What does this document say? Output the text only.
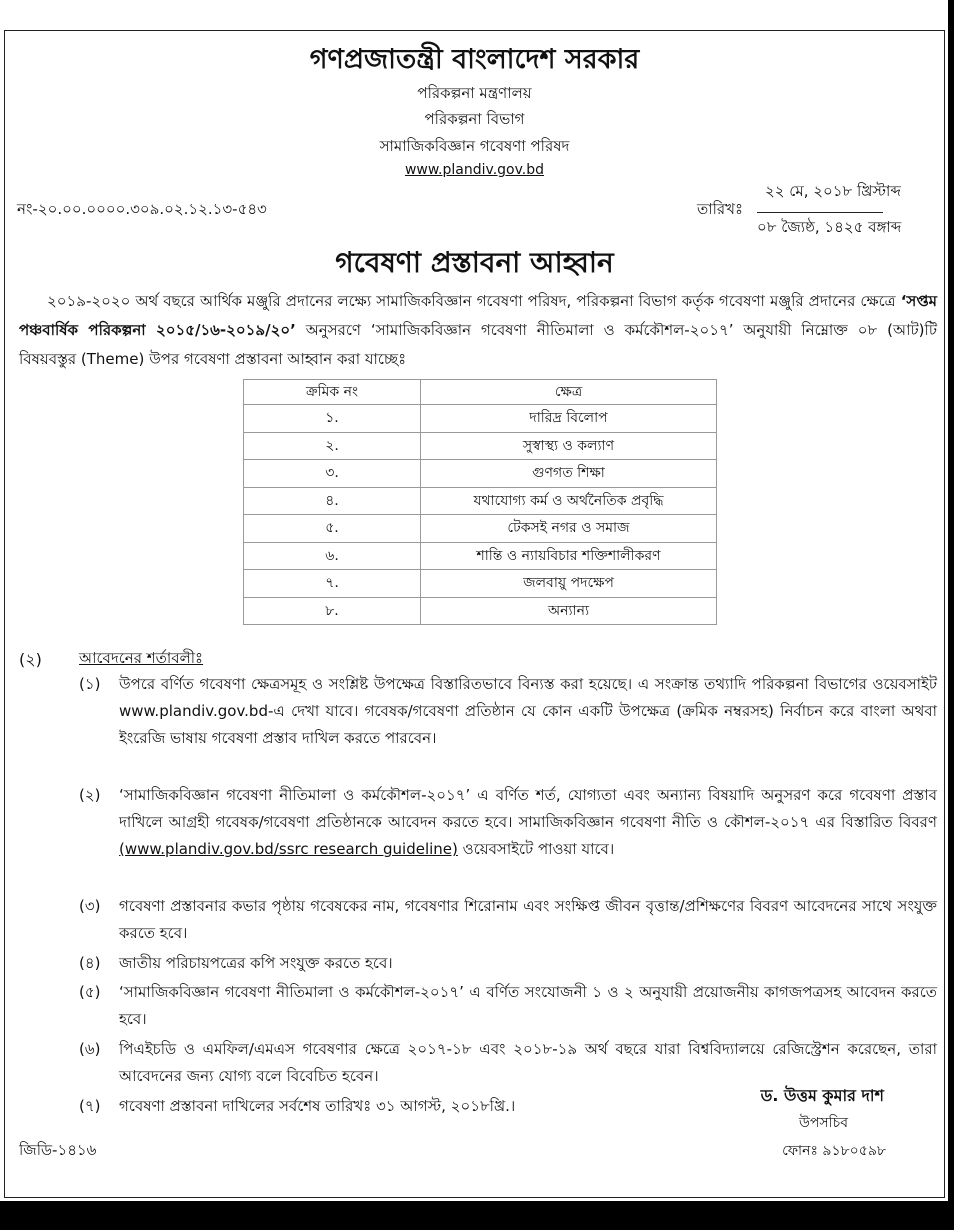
গণপ্রজাতন্ত্রী বাংলাদেশ সরকার
পরিকল্পনা মন্ত্রণালয়
পরিকল্পনা বিভাগ
সামাজিকবিজ্ঞান গবেষণা পরিষদ
www.plandiv.gov.bd
নং-২০.০০.০০০০.৩০৯.০২.১২.১৩-৫৪৩	তারিখঃ
২২ মে, ২০১৮ খ্রিস্টাব্দ
০৮ জ্যৈষ্ঠ, ১৪২৫ বঙ্গাব্দ
গবেষণা প্রস্তাবনা আহ্বান
২০১৯-২০২০ অর্থ বছরে আর্থিক মঞ্জুরি প্রদানের লক্ষ্যে সামাজিকবিজ্ঞান গবেষণা পরিষদ, পরিকল্পনা বিভাগ কর্তৃক গবেষণা মঞ্জুরি প্রদানের ক্ষেত্রে ‘সপ্তম পঞ্চবার্ষিক পরিকল্পনা ২০১৫/১৬-২০১৯/২০’ অনুসরণে ‘সামাজিকবিজ্ঞান গবেষণা নীতিমালা ও কর্মকৌশল-২০১৭’ অনুযায়ী নিম্নোক্ত ০৮ (আট)টি বিষয়বস্তুর (Theme) উপর গবেষণা প্রস্তাবনা আহ্বান করা যাচ্ছেঃ
ক্রমিক নং	ক্ষেত্র
১.	দারিদ্র বিলোপ
২.	সুস্বাস্থ্য ও কল্যাণ
৩.	গুণগত শিক্ষা
৪.	যথাযোগ্য কর্ম ও অর্থনৈতিক প্রবৃদ্ধি
৫.	টেকসই নগর ও সমাজ
৬.	শান্তি ও ন্যায়বিচার শক্তিশালীকরণ
৭.	জলবায়ু পদক্ষেপ
৮.	অন্যান্য
(২) আবেদনের শর্তাবলীঃ
(১) উপরে বর্ণিত গবেষণা ক্ষেত্রসমূহ ও সংশ্লিষ্ট উপক্ষেত্র বিস্তারিতভাবে বিন্যস্ত করা হয়েছে। এ সংক্রান্ত তথ্যাদি পরিকল্পনা বিভাগের ওয়েবসাইট www.plandiv.gov.bd-এ দেখা যাবে। গবেষক/গবেষণা প্রতিষ্ঠান যে কোন একটি উপক্ষেত্র (ক্রমিক নম্বরসহ) নির্বাচন করে বাংলা অথবা ইংরেজি ভাষায় গবেষণা প্রস্তাব দাখিল করতে পারবেন।
(২) ‘সামাজিকবিজ্ঞান গবেষণা নীতিমালা ও কর্মকৌশল-২০১৭’ এ বর্ণিত শর্ত, যোগ্যতা এবং অন্যান্য বিষয়াদি অনুসরণ করে গবেষণা প্রস্তাব দাখিলে আগ্রহী গবেষক/গবেষণা প্রতিষ্ঠানকে আবেদন করতে হবে। সামাজিকবিজ্ঞান গবেষণা নীতি ও কৌশল-২০১৭ এর বিস্তারিত বিবরণ (www.plandiv.gov.bd/ssrc research guideline) ওয়েবসাইটে পাওয়া যাবে।
(৩) গবেষণা প্রস্তাবনার কভার পৃষ্ঠায় গবেষকের নাম, গবেষণার শিরোনাম এবং সংক্ষিপ্ত জীবন বৃত্তান্ত/প্রশিক্ষণের বিবরণ আবেদনের সাথে সংযুক্ত করতে হবে।
(৪) জাতীয় পরিচায়পত্রের কপি সংযুক্ত করতে হবে।
(৫) ‘সামাজিকবিজ্ঞান গবেষণা নীতিমালা ও কর্মকৌশল-২০১৭’ এ বর্ণিত সংযোজনী ১ ও ২ অনুযায়ী প্রয়োজনীয় কাগজপত্রসহ আবেদন করতে হবে।
(৬) পিএইচডি ও এমফিল/এমএস গবেষণার ক্ষেত্রে ২০১৭-১৮ এবং ২০১৮-১৯ অর্থ বছরে যারা বিশ্ববিদ্যালয়ে রেজিস্ট্রেশন করেছেন, তারা আবেদনের জন্য যোগ্য বলে বিবেচিত হবেন।
(৭) গবেষণা প্রস্তাবনা দাখিলের সর্বশেষ তারিখঃ ৩১ আগস্ট, ২০১৮খ্রি.।
ড. উত্তম কুমার দাশ
উপসচিব
ফোনঃ ৯১৮০৫৯৮
জিডি-১৪১৬
